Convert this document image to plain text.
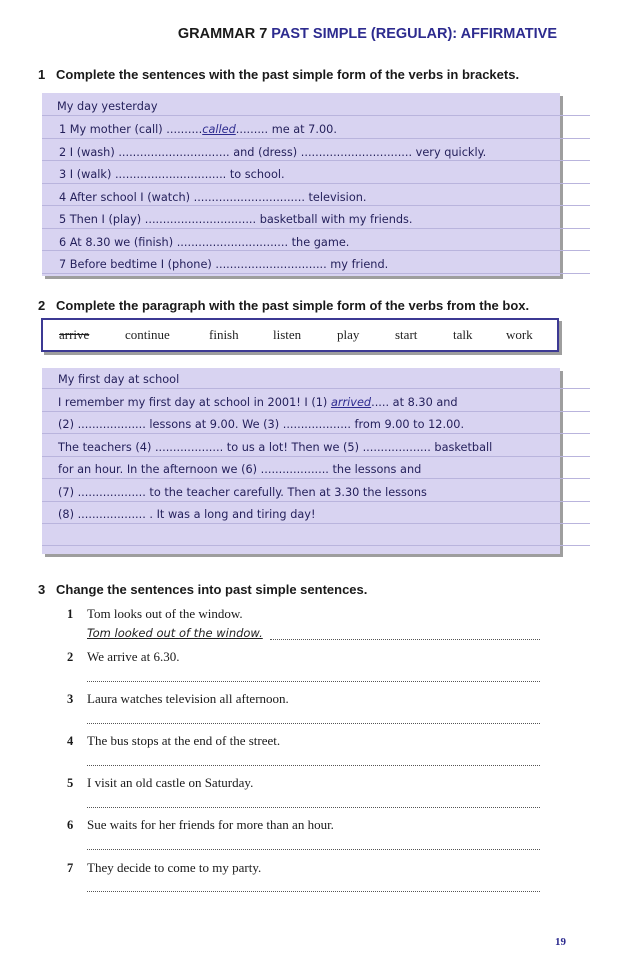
GRAMMAR 7 PAST SIMPLE (REGULAR): AFFIRMATIVE
1 Complete the sentences with the past simple form of the verbs in brackets.
My day yesterday
1 My mother (call) ..........called......... me at 7.00.
2 I (wash) ............................... and (dress) ............................... very quickly.
3 I (walk) ............................... to school.
4 After school I (watch) ............................... television.
5 Then I (play) ............................... basketball with my friends.
6 At 8.30 we (finish) ............................... the game.
7 Before bedtime I (phone) ............................... my friend.
2 Complete the paragraph with the past simple form of the verbs from the box.
arrive	continue	finish	listen	play	start	talk	work
My first day at school
I remember my first day at school in 2001! I (1) arrived..... at 8.30 and
(2) ................... lessons at 9.00. We (3) ................... from 9.00 to 12.00.
The teachers (4) ................... to us a lot! Then we (5) ................... basketball
for an hour. In the afternoon we (6) ................... the lessons and
(7) ................... to the teacher carefully. Then at 3.30 the lessons
(8) ................... . It was a long and tiring day!
3 Change the sentences into past simple sentences.
1 Tom looks out of the window.
Tom looked out of the window.
2 We arrive at 6.30.
3 Laura watches television all afternoon.
4 The bus stops at the end of the street.
5 I visit an old castle on Saturday.
6 Sue waits for her friends for more than an hour.
7 They decide to come to my party.
19
